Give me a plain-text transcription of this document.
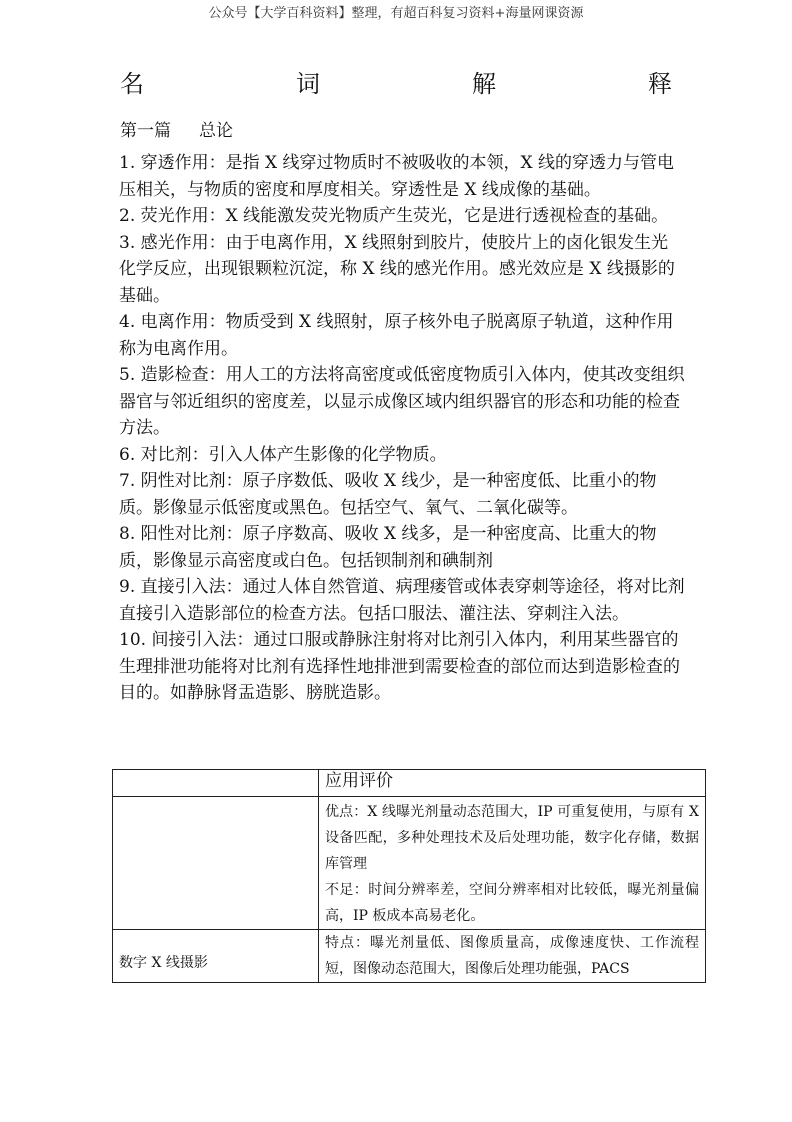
公众号【大学百科资料】整理，有超百科复习资料+海量网课资源
名	词	解	释
第一篇 总论

1. 穿透作用：是指 X 线穿过物质时不被吸收的本领，X 线的穿透力与管电压相关，与物质的密度和厚度相关。穿透性是 X 线成像的基础。

2. 荧光作用：X 线能激发荧光物质产生荧光，它是进行透视检查的基础。

3. 感光作用：由于电离作用，X 线照射到胶片，使胶片上的卤化银发生光化学反应，出现银颗粒沉淀，称 X 线的感光作用。感光效应是 X 线摄影的基础。

4. 电离作用：物质受到 X 线照射，原子核外电子脱离原子轨道，这种作用称为电离作用。

5. 造影检查：用人工的方法将高密度或低密度物质引入体内，使其改变组织器官与邻近组织的密度差，以显示成像区域内组织器官的形态和功能的检查方法。

6. 对比剂：引入人体产生影像的化学物质。

7. 阴性对比剂：原子序数低、吸收 X 线少，是一种密度低、比重小的物质。影像显示低密度或黑色。包括空气、氧气、二氧化碳等。

8. 阳性对比剂：原子序数高、吸收 X 线多，是一种密度高、比重大的物质，影像显示高密度或白色。包括钡制剂和碘制剂

9. 直接引入法：通过人体自然管道、病理瘘管或体表穿刺等途径，将对比剂直接引入造影部位的检查方法。包括口服法、灌注法、穿刺注入法。

10. 间接引入法：通过口服或静脉注射将对比剂引入体内，利用某些器官的生理排泄功能将对比剂有选择性地排泄到需要检查的部位而达到造影检查的目的。如静脉肾盂造影、膀胱造影。

	应用评价

	优点：X 线曝光剂量动态范围大，IP 可重复使用，与原有 X 设备匹配，多种处理技术及后处理功能，数字化存储，数据库管理

不足：时间分辨率差，空间分辨率相对比较低，曝光剂量偏高，IP 板成本高易老化。

数字 X 线摄影	特点：曝光剂量低、图像质量高，成像速度快、工作流程短，图像动态范围大，图像后处理功能强，PACS
